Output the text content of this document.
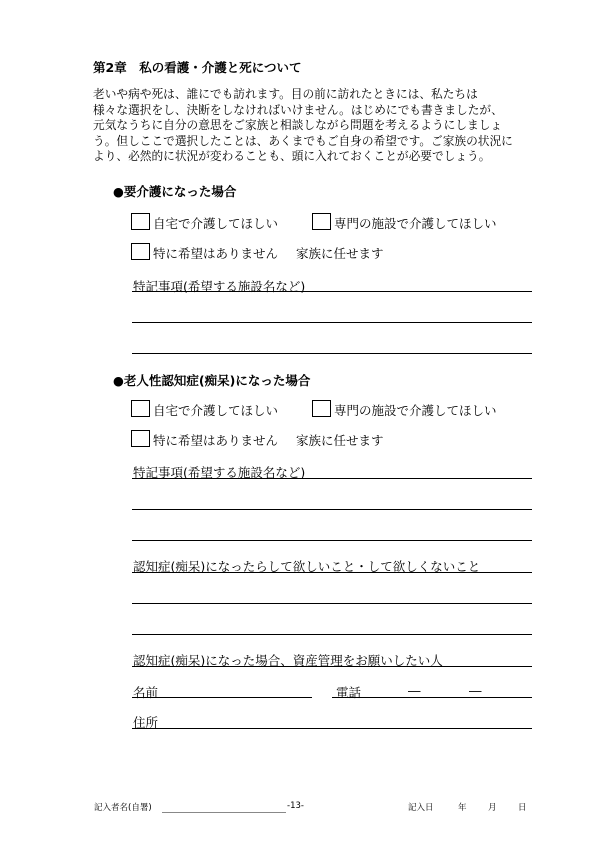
第2章　私の看護・介護と死について
老いや病や死は、誰にでも訪れます。目の前に訪れたときには、私たちは
様々な選択をし、決断をしなければいけません。はじめにでも書きましたが、
元気なうちに自分の意思をご家族と相談しながら問題を考えるようにしましょ
う。但しここで選択したことは、あくまでもご自身の希望です。ご家族の状況に
より、必然的に状況が変わることも、頭に入れておくことが必要でしょう。
●要介護になった場合
自宅で介護してほしい	専門の施設で介護してほしい
特に希望はありません 家族に任せます
特記事項(希望する施設名など)
●老人性認知症(痴呆)になった場合
自宅で介護してほしい	専門の施設で介護してほしい
特に希望はありません 家族に任せます
特記事項(希望する施設名など)
認知症(痴呆)になったらして欲しいこと・して欲しくないこと
認知症(痴呆)になった場合、資産管理をお願いしたい人
名前	電話	―	―
住所
記入者名(自署)	-13-	記入日	年	月	日
